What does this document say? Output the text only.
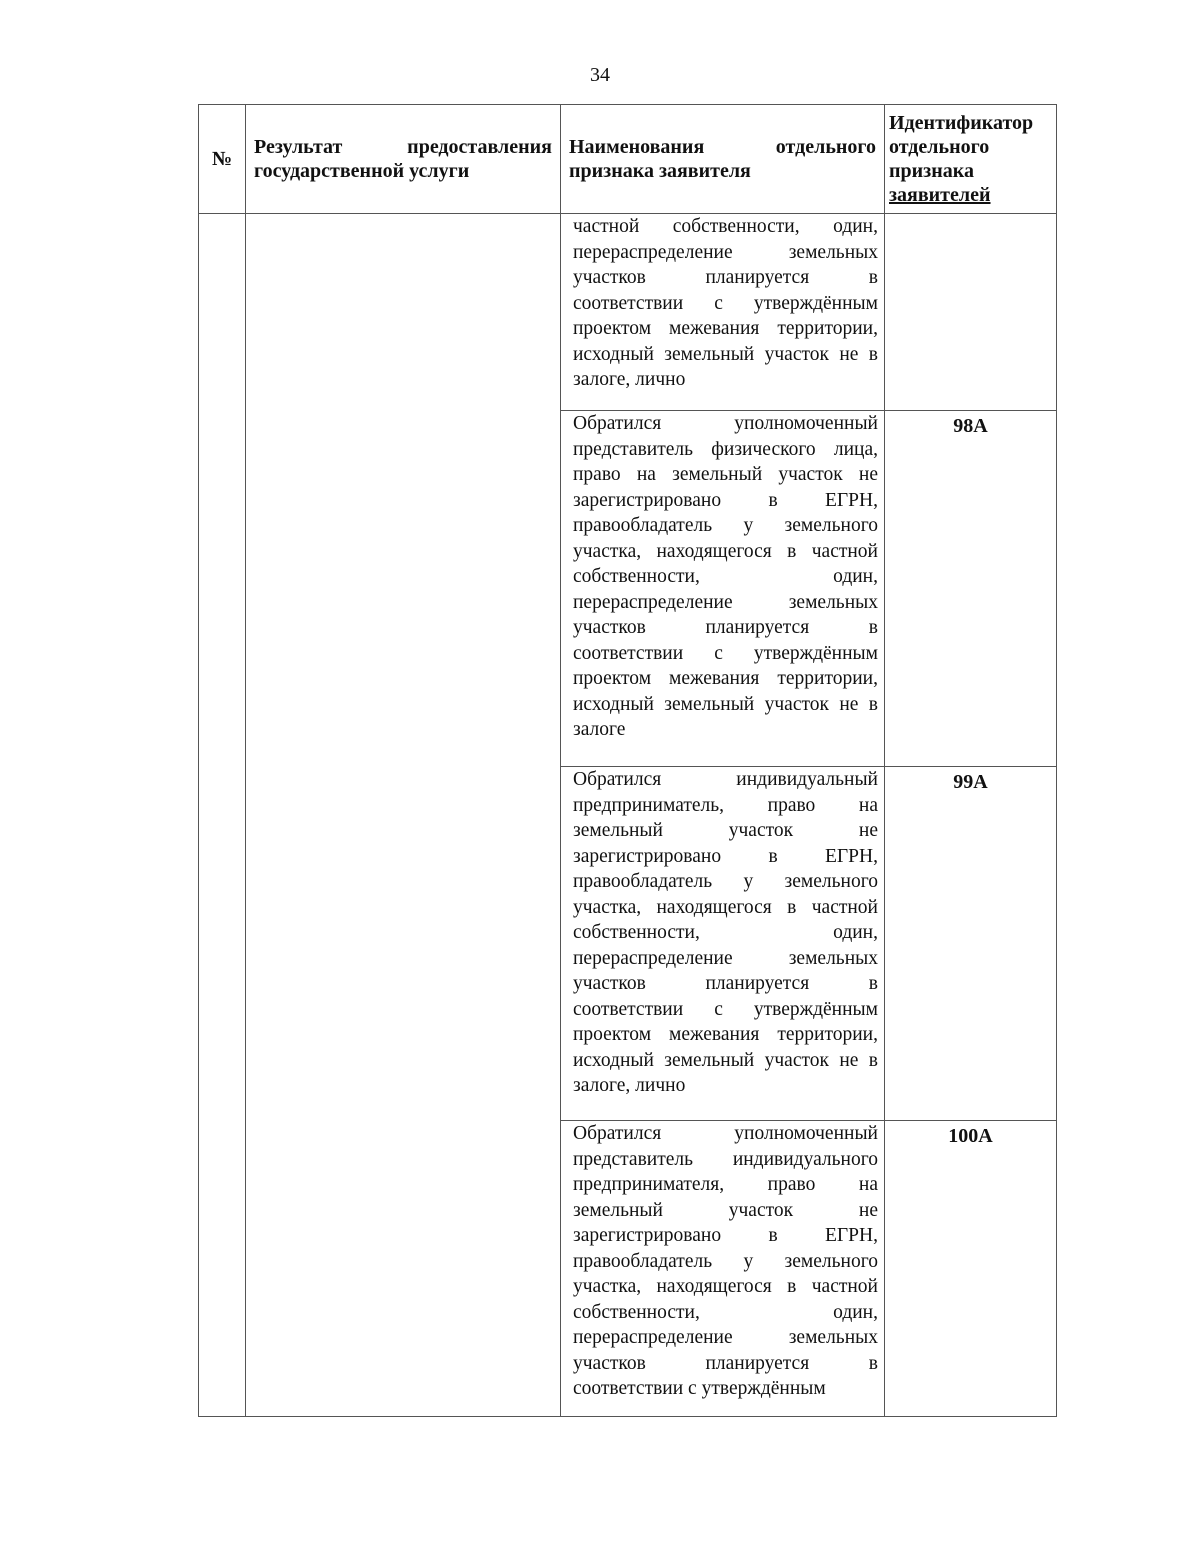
34
№	Результат предоставления государственной услуги	Наименования отдельного признака заявителя	Идентификатор
отдельного
признака
заявителей

		частной собственности, один, перераспределение земельных участков планируется в соответствии с утверждённым проектом межевания территории, исходный земельный участок не в залоге, лично	
		Обратился уполномоченный представитель физического лица, право на земельный участок не зарегистрировано в ЕГРН, правообладатель у земельного участка, находящегося в частной собственности, один, перераспределение земельных участков планируется в соответствии с утверждённым проектом межевания территории, исходный земельный участок не в залоге	98А
		Обратился индивидуальный предприниматель, право на земельный участок не зарегистрировано в ЕГРН, правообладатель у земельного участка, находящегося в частной собственности, один, перераспределение земельных участков планируется в соответствии с утверждённым проектом межевания территории, исходный земельный участок не в залоге, лично	99А
		Обратился уполномоченный представитель индивидуального предпринимателя, право на земельный участок не зарегистрировано в ЕГРН, правообладатель у земельного участка, находящегося в частной собственности, один, перераспределение земельных участков планируется в соответствии с утверждённым	100А
